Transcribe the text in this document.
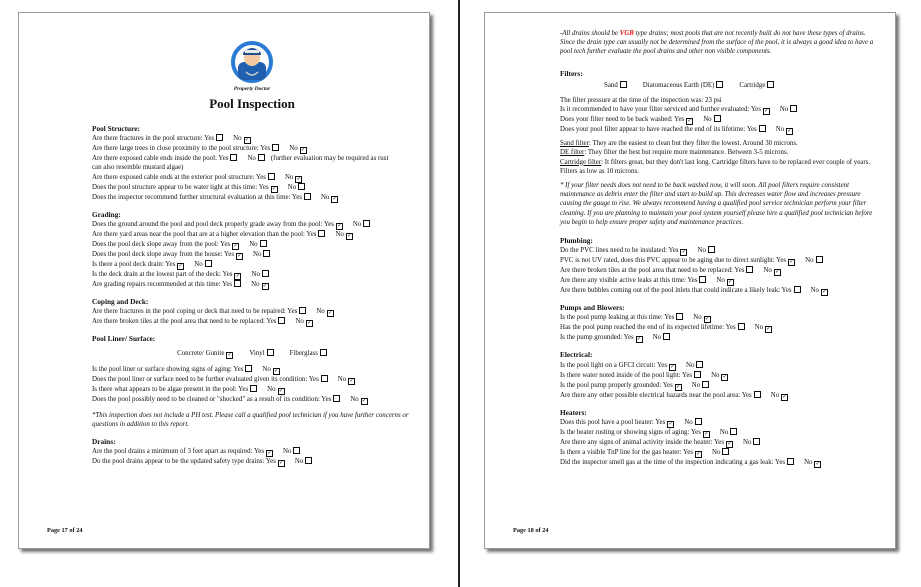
Property Doctor
Pool Inspection
Pool Structure:
Are there fractures in the pool structure: Yes	No ✓
Are there large trees in close proximity to the pool structure: Yes	No ✓
Are there exposed cable ends inside the pool: Yes	No (further evaluation may be required as rust
can also resemble mustard algae)
Are there exposed cable ends at the exterior pool structure: Yes	No ✓
Does the pool structure appear to be water tight at this time: Yes ✓ No
Does the inspector recommend further structural evaluation at this time: Yes	No ✓
Grading:
Does the ground around the pool and pool deck properly grade away from the pool: Yes ✓ No
Are there yard areas near the pool that are at a higher elevation than the pool: Yes	No ✓
Does the pool deck slope away from the pool: Yes ✓ No
Does the pool deck slope away from the house: Yes ✓ No
Is there a pool deck drain: Yes ✓ No
Is the deck drain at the lowest part of the deck: Yes ✓ No
Are grading repairs recommended at this time: Yes	No ✓
Coping and Deck:
Are there fractures in the pool coping or deck that need to be repaired: Yes	No ✓
Are there broken tiles at the pool area that need to be replaced: Yes	No ✓
Pool Liner/ Surface:
Concrete/ Gunite ✓ Vinyl	Fiberglass
Is the pool liner or surface showing signs of aging: Yes	No ✓
Does the pool liner or surface need to be further evaluated given its condition: Yes	No ✓
Is there what appears to be algae present in the pool: Yes	No ✓
Does the pool possibly need to be cleaned or "shocked" as a result of its condition: Yes	No ✓
*This inspection does not include a PH test. Please call a qualified pool technician if you have further concerns or questions in addition to this report.
Drains:
Are the pool drains a minimum of 3 feet apart as required: Yes ✓ No
Do the pool drains appear to be the updated safety type drains: Yes ✓ No
Page 17 of 24
-All drains should be VGB type drains; most pools that are not recently built do not have these types of drains. Since the drain type can usually not be determined from the surface of the pool, it is always a good idea to have a pool tech further evaluate the pool drains and other non visible components.
Filters:
Sand	Diatomaceous Earth (DE)	Cartridge
The filter pressure at the time of the inspection was: 23 psi
Is it recommended to have your filter serviced and further evaluated: Yes ✓ No
Does your filter need to be back washed: Yes ✓ No
Does your pool filter appear to have reached the end of its lifetime: Yes	No ✓
Sand filter: They are the easiest to clean but they filter the lowest. Around 30 microns.
DE filter: They filter the best but require more maintenance. Between 3-5 microns.
Cartridge filter: It filters great, but they don't last long. Cartridge filters have to be replaced ever couple of years. Filters as low as 10 microns.
* If your filter needs does not need to be back washed now, it will soon. All pool filters require consistent maintenance as debris enter the filter and start to build up. This decreases water flow and increases pressure causing the gauge to rise. We always recommend having a qualified pool service technician perform your filter cleaning. If you are planning to maintain your pool system yourself please hire a qualified pool technician before you begin to help ensure proper safety and maintenance practices.
Plumbing:
Do the PVC lines need to be insulated: Yes ✓ No
PVC is not UV rated, does this PVC appear to be aging due to direct sunlight: Yes ✓ No
Are there broken tiles at the pool area that need to be replaced: Yes	No ✓
Are there any visible active leaks at this time: Yes	No ✓
Are there bubbles coming out of the pool inlets that could indicate a likely leak: Yes	No ✓
Pumps and Blowers:
Is the pool pump leaking at this time: Yes	No ✓
Has the pool pump reached the end of its expected lifetime: Yes	No ✓
Is the pump grounded: Yes ✓ No
Electrical:
Is the pool light on a GFCI circuit: Yes ✓ No
Is there water noted inside of the pool light: Yes	No ✓
Is the pool pump properly grounded: Yes ✓ No
Are there any other possible electrical hazards near the pool area: Yes	No ✓
Heaters:
Does this pool have a pool heater: Yes ✓ No
Is the heater rusting or showing signs of aging: Yes ✓ No
Are there any signs of animal activity inside the heater: Yes ✓ No
Is there a visible TnP line for the gas heater: Yes ✓ No
Did the inspector smell gas at the time of the inspection indicating a gas leak: Yes	No ✓
Page 18 of 24
